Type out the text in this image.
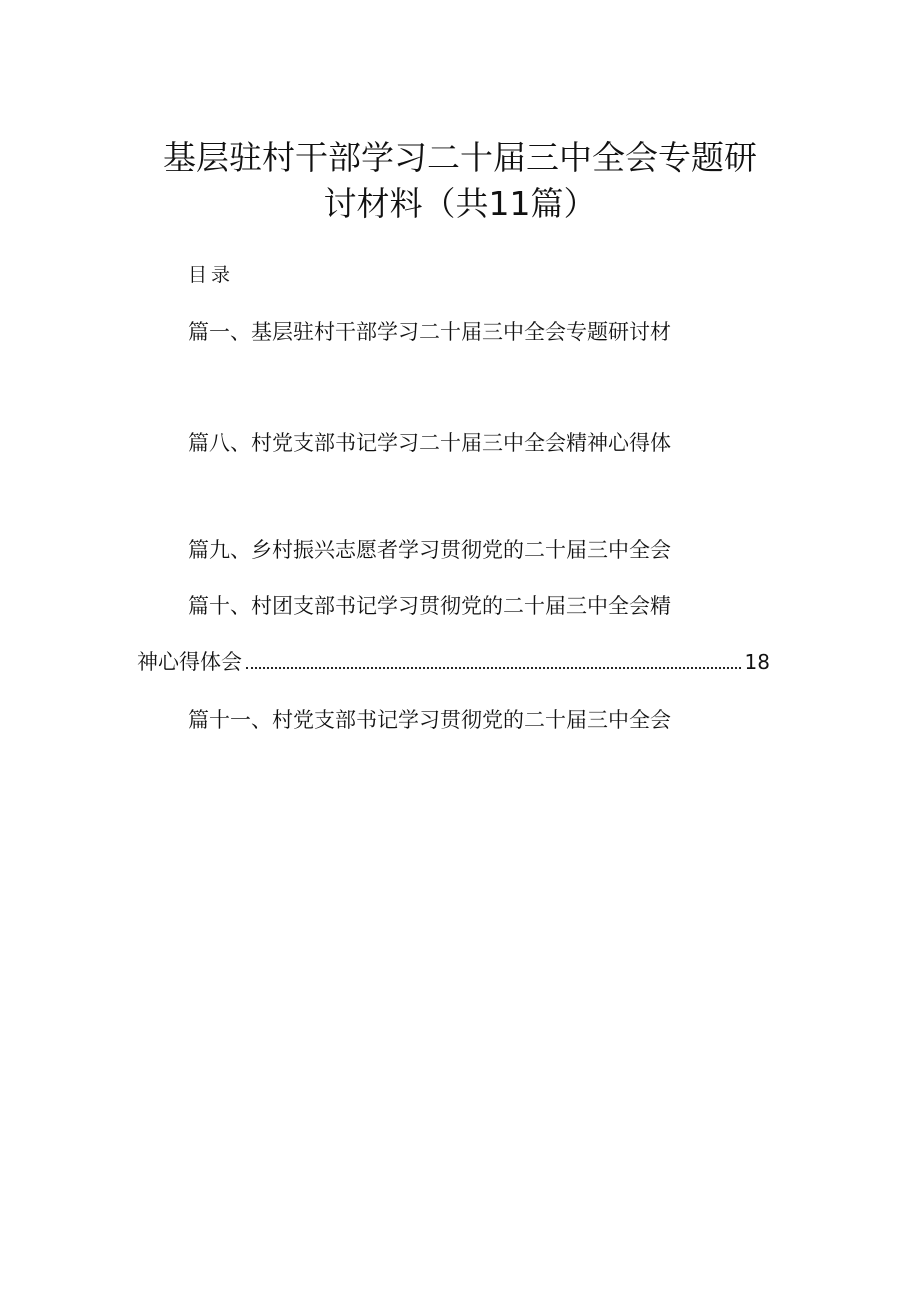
基层驻村干部学习二十届三中全会专题研
讨材料（共11篇）
目录
篇一、基层驻村干部学习二十届三中全会专题研讨材
篇八、村党支部书记学习二十届三中全会精神心得体
篇九、乡村振兴志愿者学习贯彻党的二十届三中全会
篇十、村团支部书记学习贯彻党的二十届三中全会精
神心得体会	18
篇十一、村党支部书记学习贯彻党的二十届三中全会
